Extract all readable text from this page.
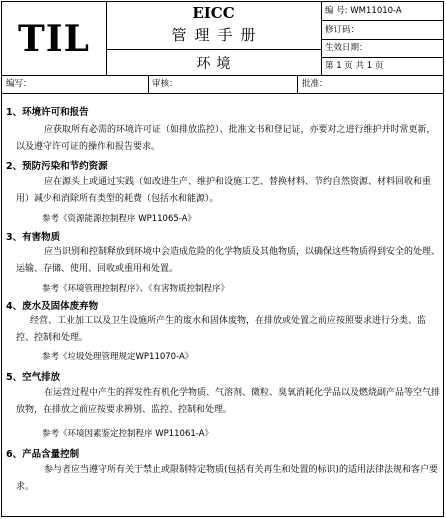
TIL
EICC
管理手册
环境
编 号: WM11010-A
修订码：
生效日期：
第 1 页 共 1 页
编写：	审核：	批准：
1、环境许可和报告
应获取所有必需的环境许可证（如排放监控）、批准文书和登记证，亦要对之进行维护并时常更新，以及遵守许可证的操作和报告要求。
2、预防污染和节约资源
应在源头上或通过实践（如改进生产、维护和设施工艺、替换材料、节约自然资源、材料回收和重用）减少和消除所有类型的耗费（包括水和能源）。
参考《资源能源控制程序 WP11065-A》
3、有害物质
应当识别和控制释放到环境中会造成危险的化学物质及其他物质，以确保这些物质得到安全的处理、运输、存储、使用、回收或重用和处置。
参考《环境管理控制程序》、《有害物质控制程序》
4、废水及固体废弃物
经营、工业加工以及卫生设施所产生的废水和固体废物，在排放或处置之前应按照要求进行分类、监控、控制和处理。
参考《垃圾处理管理规定WP11070-A》
5、空气排放
在运营过程中产生的挥发性有机化学物质、气溶剂、微粒、臭氧消耗化学品以及燃烧副产品等空气排放物，在排放之前应按要求辨别、监控、控制和处理。
参考《环境因素鉴定控制程序 WP11061-A》
6、产品含量控制
参与者应当遵守所有关于禁止或限制特定物质(包括有关再生和处置的标识)的适用法律法规和客户要求。
